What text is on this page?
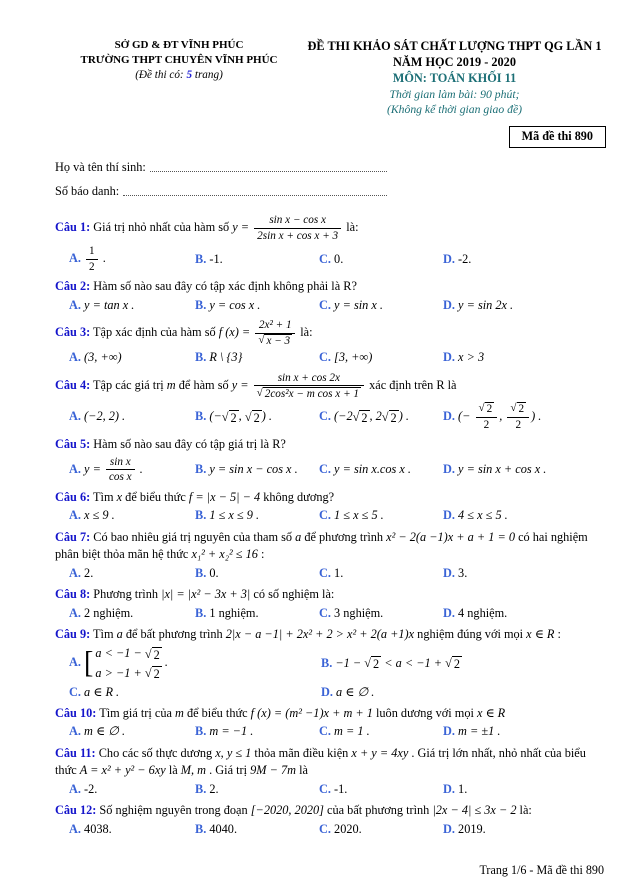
SỞ GD & ĐT VĨNH PHÚC
TRƯỜNG THPT CHUYÊN VĨNH PHÚC
(Đề thi có: 5 trang)
ĐỀ THI KHẢO SÁT CHẤT LƯỢNG THPT QG LẦN 1
NĂM HỌC 2019 - 2020
MÔN: TOÁN KHỐI 11
Thời gian làm bài: 90 phút;
(Không kể thời gian giao đề)
Mã đề thi 890
Họ và tên thí sinh:
Số báo danh:
Câu 1: Giá trị nhỏ nhất của hàm số $y = \frac{\text{sin x − cos x}}{\text{2sin x + cos x + 3}}$ là:
A. $\frac{1}{2}$ .	B. -1.	C. 0.	D. -2.
Câu 2: Hàm số nào sau đây có tập xác định không phải là R?
A. y = tan x .	B. y = cos x .	C. y = sin x .	D. y = sin 2x .
Câu 3: Tập xác định của hàm số f $(x) = \frac{\text{2x² + 1}}{√ x - 3}$ là:
A. (3, +∞)	B. R \ {3}	C. [3, +∞)	D. x > 3
Câu 4: Tập các giá trị m để hàm số $y = \frac{\text{sin x + cos 2x}}{\text{√ 2cos²x − m cos x + 1}}$ xác định trên R là
A. (−2, 2) .	B. (− √ 2 , √ 2 ) .	C. (−2 √ 2 , 2 √ 2 ) .	D. (− $\frac{√ 2}{2}$ , $\frac{√ 2}{2}$ ) .
Câu 5: Hàm số nào sau đây có tập giá trị là R?
A. $y = \frac{\text{sin x}}{\text{cos x}}$ .	B. y = sin x − cos x .	C. y = sin x.cos x .	D. y = sin x + cos x .
Câu 6: Tìm x để biểu thức f = |x − 5| − 4 không dương?
A. x ≤ 9 .	B. 1 ≤ x ≤ 9 .	C. 1 ≤ x ≤ 5 .	D. 4 ≤ x ≤ 5 .
Câu 7: Có bao nhiêu giá trị nguyên của tham số a để phương trình x² − 2(a −1)x + a + 1 = 0 có hai nghiệm phân biệt thỏa mãn hệ thức x₁² + x₂² ≤ 16 :
A. 2.	B. 0.	C. 1.	D. 3.
Câu 8: Phương trình |x| = |x² − 3x + 3| có số nghiệm là:
A. 2 nghiệm.	B. 1 nghiệm.	C. 3 nghiệm.	D. 4 nghiệm.
Câu 9: Tìm a để bất phương trình 2|x − a −1| + 2x² + 2 > x² + 2(a +1)x nghiệm đúng với mọi x ∈ R :
A. [ a < −1 − √ 2
a > −1 + √ 2
.	B. −1 − √ 2 < a < −1 + √ 2
C. a ∈ R .	D. a ∈ ∅ .
Câu 10: Tìm giá trị của m để biểu thức f (x) = (m² −1)x + m + 1 luôn dương với mọi x ∈ R
A. m ∈ ∅ .	B. m = −1 .	C. m = 1 .	D. m = ±1 .
Câu 11: Cho các số thực dương x, y ≤ 1 thỏa mãn điều kiện x + y = 4xy . Giá trị lớn nhất, nhỏ nhất của biểu thức A = x² + y² − 6xy là M, m . Giá trị 9M − 7m là
A. -2.	B. 2.	C. -1.	D. 1.
Câu 12: Số nghiệm nguyên trong đoạn [−2020, 2020] của bất phương trình |2x − 4| ≤ 3x − 2 là:
A. 4038.	B. 4040.	C. 2020.	D. 2019.
Trang 1/6 - Mã đề thi 890
